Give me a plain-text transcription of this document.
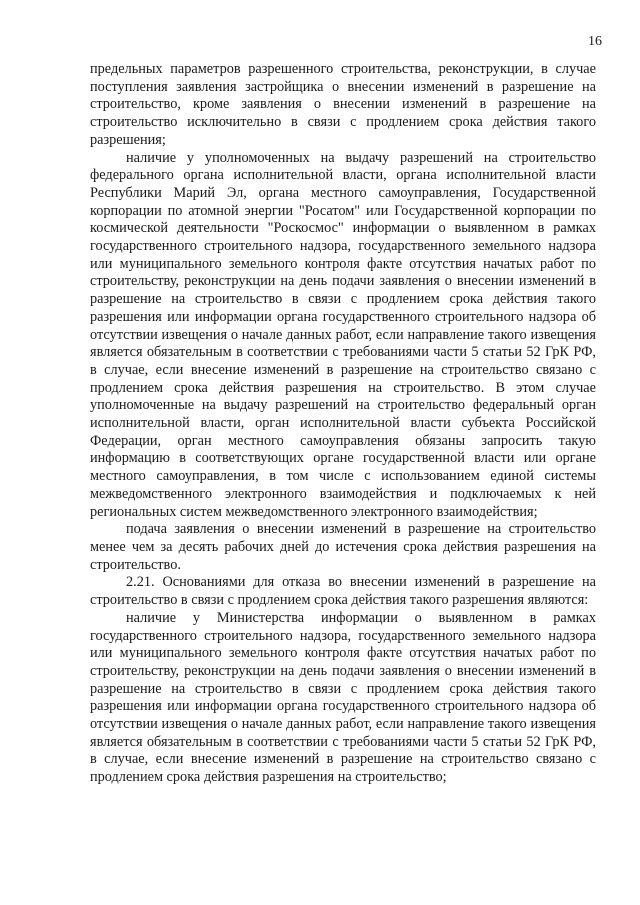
16

предельных параметров разрешенного строительства, реконструкции, в случае поступления заявления застройщика о внесении изменений в разрешение на строительство, кроме заявления о внесении изменений в разрешение на строительство исключительно в связи с продлением срока действия такого разрешения;

наличие у уполномоченных на выдачу разрешений на строительство федерального органа исполнительной власти, органа исполнительной власти Республики Марий Эл, органа местного самоуправления, Государственной корпорации по атомной энергии "Росатом" или Государственной корпорации по космической деятельности "Роскосмос" информации о выявленном в рамках государственного строительного надзора, государственного земельного надзора или муниципального земельного контроля факте отсутствия начатых работ по строительству, реконструкции на день подачи заявления о внесении изменений в разрешение на строительство в связи с продлением срока действия такого разрешения или информации органа государственного строительного надзора об отсутствии извещения о начале данных работ, если направление такого извещения является обязательным в соответствии с требованиями части 5 статьи 52 ГрК РФ, в случае, если внесение изменений в разрешение на строительство связано с продлением срока действия разрешения на строительство. В этом случае уполномоченные на выдачу разрешений на строительство федеральный орган исполнительной власти, орган исполнительной власти субъекта Российской Федерации, орган местного самоуправления обязаны запросить такую информацию в соответствующих органе государственной власти или органе местного самоуправления, в том числе с использованием единой системы межведомственного электронного взаимодействия и подключаемых к ней региональных систем межведомственного электронного взаимодействия;

подача заявления о внесении изменений в разрешение на строительство менее чем за десять рабочих дней до истечения срока действия разрешения на строительство.

2.21. Основаниями для отказа во внесении изменений в разрешение на строительство в связи с продлением срока действия такого разрешения являются:

наличие у Министерства информации о выявленном в рамках государственного строительного надзора, государственного земельного надзора или муниципального земельного контроля факте отсутствия начатых работ по строительству, реконструкции на день подачи заявления о внесении изменений в разрешение на строительство в связи с продлением срока действия такого разрешения или информации органа государственного строительного надзора об отсутствии извещения о начале данных работ, если направление такого извещения является обязательным в соответствии с требованиями части 5 статьи 52 ГрК РФ, в случае, если внесение изменений в разрешение на строительство связано с продлением срока действия разрешения на строительство;
